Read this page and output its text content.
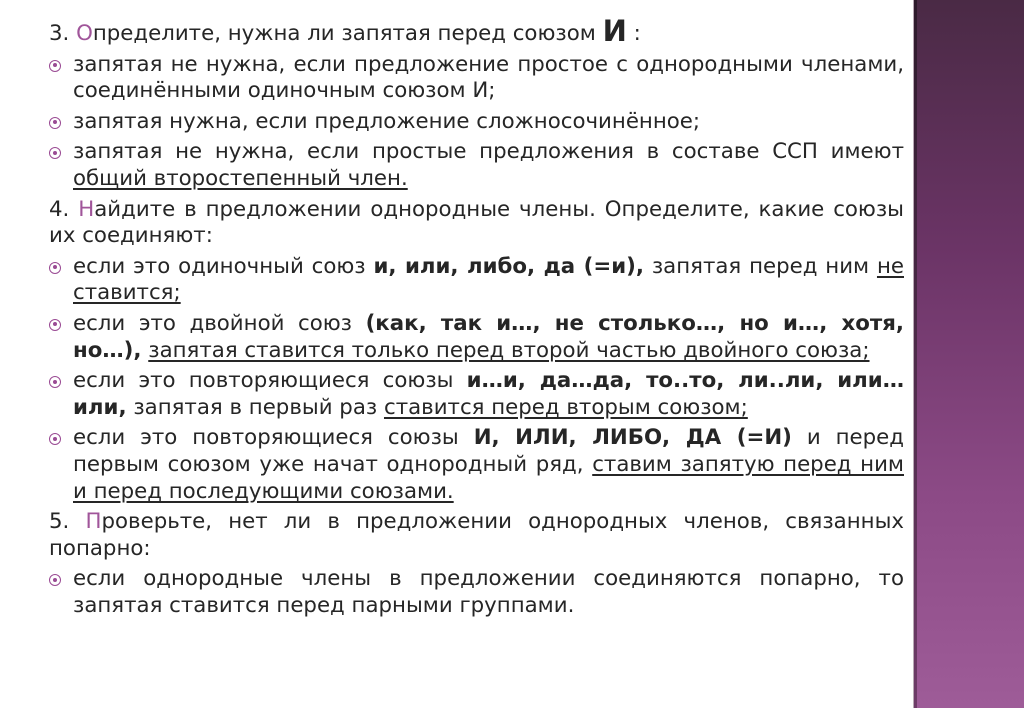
3. Определите, нужна ли запятая перед союзом И :

запятая не нужна, если предложение простое с однородными членами, соединёнными одиночным союзом И;

запятая нужна, если предложение сложносочинённое;

запятая не нужна, если простые предложения в составе ССП имеют общий второстепенный член.

4. Найдите в предложении однородные члены. Определите, какие союзы их соединяют:

если это одиночный союз и, или, либо, да (=и), запятая перед ним не ставится;

если это двойной союз (как, так и…, не столько…, но и…, хотя, но…), запятая ставится только перед второй частью двойного союза;

если это повторяющиеся союзы и…и, да…да, то..то, ли..ли, или…или, запятая в первый раз ставится перед вторым союзом;

если это повторяющиеся союзы И, ИЛИ, ЛИБО, ДА (=И) и перед первым союзом уже начат однородный ряд, ставим запятую перед ним и перед последующими союзами.

5. Проверьте, нет ли в предложении однородных членов, связанных попарно:

если однородные члены в предложении соединяются попарно, то запятая ставится перед парными группами.
